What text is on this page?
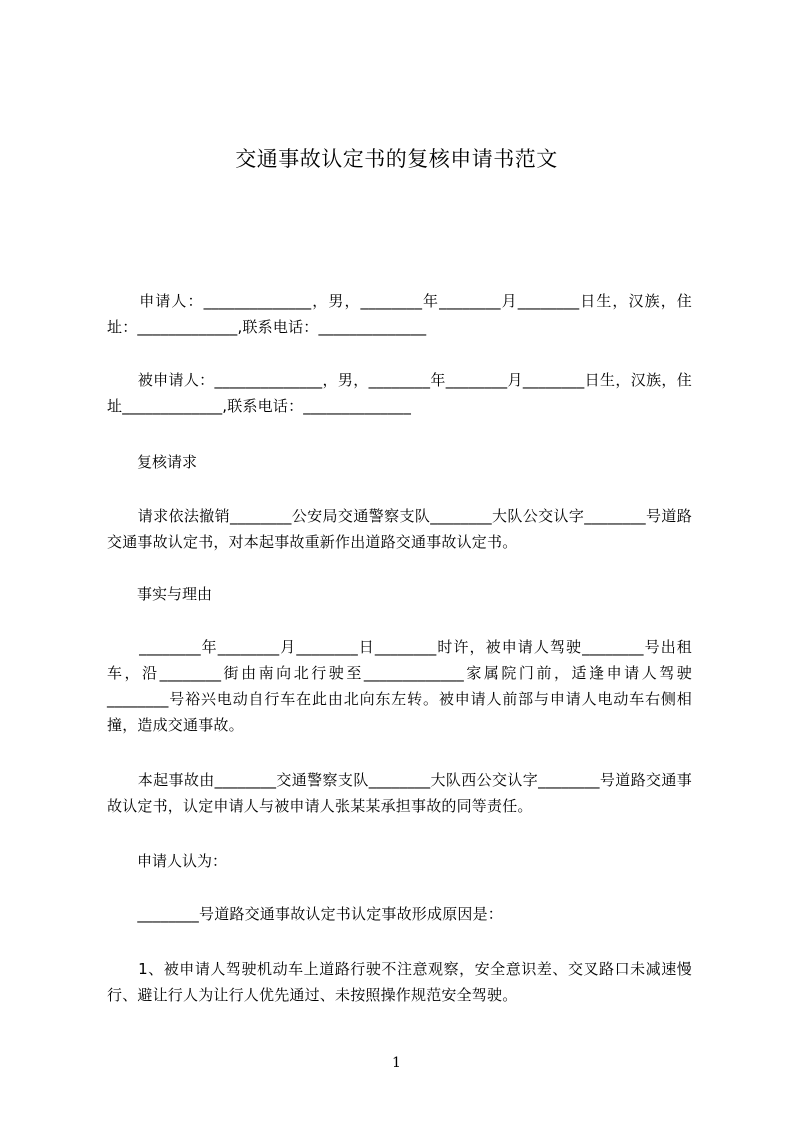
交通事故认定书的复核申请书范文
　　申请人：______________，男，________年________月________日生，汉族，住址：_____________,联系电话：______________
　　被申请人：______________，男，________年________月________日生，汉族，住址_____________,联系电话：______________
复核请求
　　请求依法撤销________公安局交通警察支队________大队公交认字________号道路交通事故认定书，对本起事故重新作出道路交通事故认定书。
事实与理由
　　________年________月________日________时许，被申请人驾驶________号出租车，沿________街由南向北行驶至_____________家属院门前，适逢申请人驾驶________号裕兴电动自行车在此由北向东左转。被申请人前部与申请人电动车右侧相撞，造成交通事故。
　　本起事故由________交通警察支队________大队西公交认字________号道路交通事故认定书，认定申请人与被申请人张某某承担事故的同等责任。
申请人认为：
　　________号道路交通事故认定书认定事故形成原因是：
　　1、被申请人驾驶机动车上道路行驶不注意观察，安全意识差、交叉路口未减速慢行、避让行人为让行人优先通过、未按照操作规范安全驾驶。
1
